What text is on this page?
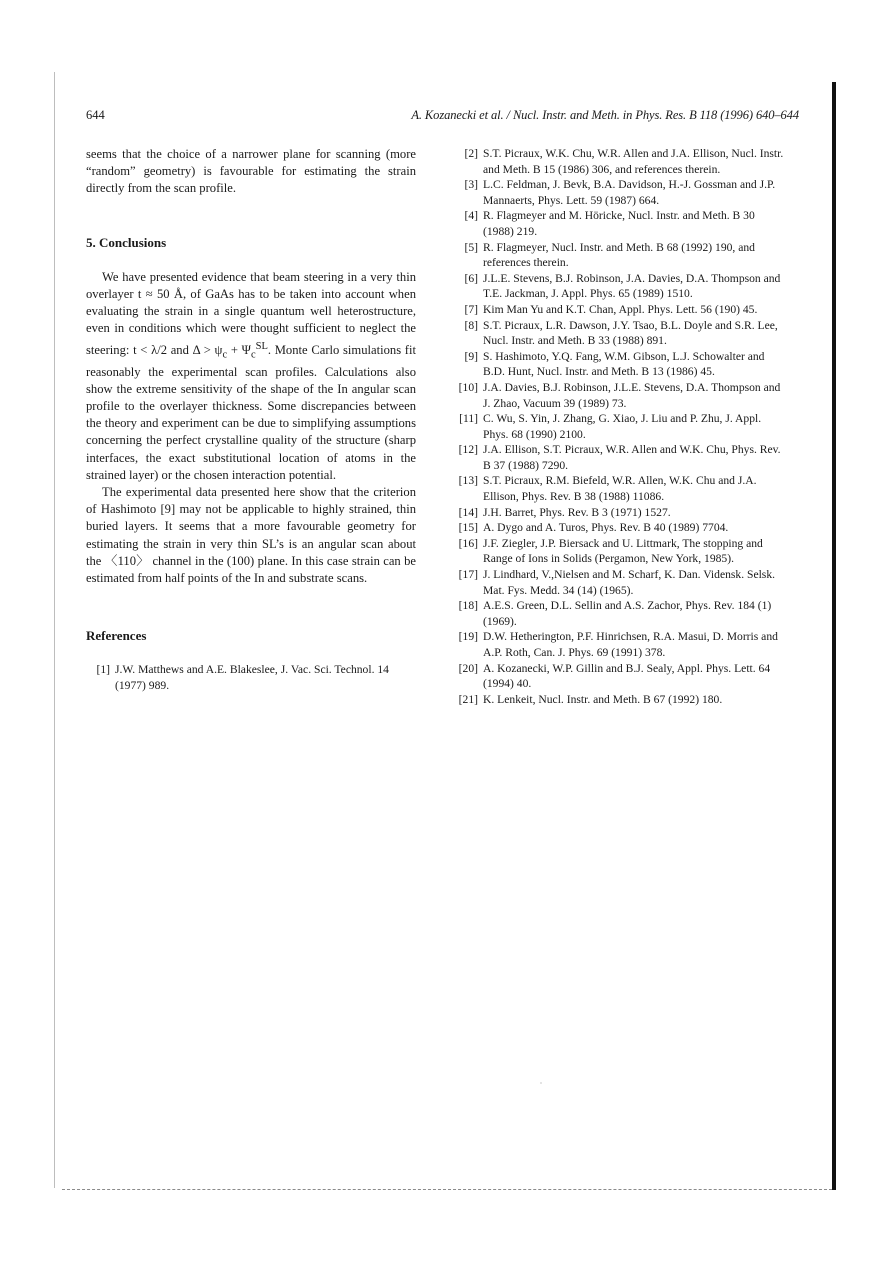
644	A. Kozanecki et al. / Nucl. Instr. and Meth. in Phys. Res. B 118 (1996) 640–644

seems that the choice of a narrower plane for scanning (more “random” geometry) is favourable for estimating the strain directly from the scan profile.

5. Conclusions

We have presented evidence that beam steering in a very thin overlayer t ≈ 50 Å, of GaAs has to be taken into account when evaluating the strain in a single quantum well heterostructure, even in conditions which were thought sufficient to neglect the steering: t < λ/2 and $\Delta > \psi_c + \Psi_c^{SL}$. Monte Carlo simulations fit reasonably the experimental scan profiles. Calculations also show the extreme sensitivity of the shape of the In angular scan profile to the overlayer thickness. Some discrepancies between the theory and experiment can be due to simplifying assumptions concerning the perfect crystalline quality of the structure (sharp interfaces, the exact substitutional location of atoms in the strained layer) or the chosen interaction potential.

The experimental data presented here show that the criterion of Hashimoto [9] may not be applicable to highly strained, thin buried layers. It seems that a more favourable geometry for estimating the strain in very thin SL’s is an angular scan about the 〈110〉 channel in the (100) plane. In this case strain can be estimated from half points of the In and substrate scans.

References
[1] J.W. Matthews and A.E. Blakeslee, J. Vac. Sci. Technol. 14 (1977) 989.
[2] S.T. Picraux, W.K. Chu, W.R. Allen and J.A. Ellison, Nucl. Instr. and Meth. B 15 (1986) 306, and references therein.
[3] L.C. Feldman, J. Bevk, B.A. Davidson, H.-J. Gossman and J.P. Mannaerts, Phys. Lett. 59 (1987) 664.
[4] R. Flagmeyer and M. Höricke, Nucl. Instr. and Meth. B 30 (1988) 219.
[5] R. Flagmeyer, Nucl. Instr. and Meth. B 68 (1992) 190, and references therein.
[6] J.L.E. Stevens, B.J. Robinson, J.A. Davies, D.A. Thompson and T.E. Jackman, J. Appl. Phys. 65 (1989) 1510.
[7] Kim Man Yu and K.T. Chan, Appl. Phys. Lett. 56 (190) 45.
[8] S.T. Picraux, L.R. Dawson, J.Y. Tsao, B.L. Doyle and S.R. Lee, Nucl. Instr. and Meth. B 33 (1988) 891.
[9] S. Hashimoto, Y.Q. Fang, W.M. Gibson, L.J. Schowalter and B.D. Hunt, Nucl. Instr. and Meth. B 13 (1986) 45.
[10] J.A. Davies, B.J. Robinson, J.L.E. Stevens, D.A. Thompson and J. Zhao, Vacuum 39 (1989) 73.
[11] C. Wu, S. Yin, J. Zhang, G. Xiao, J. Liu and P. Zhu, J. Appl. Phys. 68 (1990) 2100.
[12] J.A. Ellison, S.T. Picraux, W.R. Allen and W.K. Chu, Phys. Rev. B 37 (1988) 7290.
[13] S.T. Picraux, R.M. Biefeld, W.R. Allen, W.K. Chu and J.A. Ellison, Phys. Rev. B 38 (1988) 11086.
[14] J.H. Barret, Phys. Rev. B 3 (1971) 1527.
[15] A. Dygo and A. Turos, Phys. Rev. B 40 (1989) 7704.
[16] J.F. Ziegler, J.P. Biersack and U. Littmark, The stopping and Range of Ions in Solids (Pergamon, New York, 1985).
[17] J. Lindhard, V.,Nielsen and M. Scharf, K. Dan. Vidensk. Selsk. Mat. Fys. Medd. 34 (14) (1965).
[18] A.E.S. Green, D.L. Sellin and A.S. Zachor, Phys. Rev. 184 (1) (1969).
[19] D.W. Hetherington, P.F. Hinrichsen, R.A. Masui, D. Morris and A.P. Roth, Can. J. Phys. 69 (1991) 378.
[20] A. Kozanecki, W.P. Gillin and B.J. Sealy, Appl. Phys. Lett. 64 (1994) 40.
[21] K. Lenkeit, Nucl. Instr. and Meth. B 67 (1992) 180.
